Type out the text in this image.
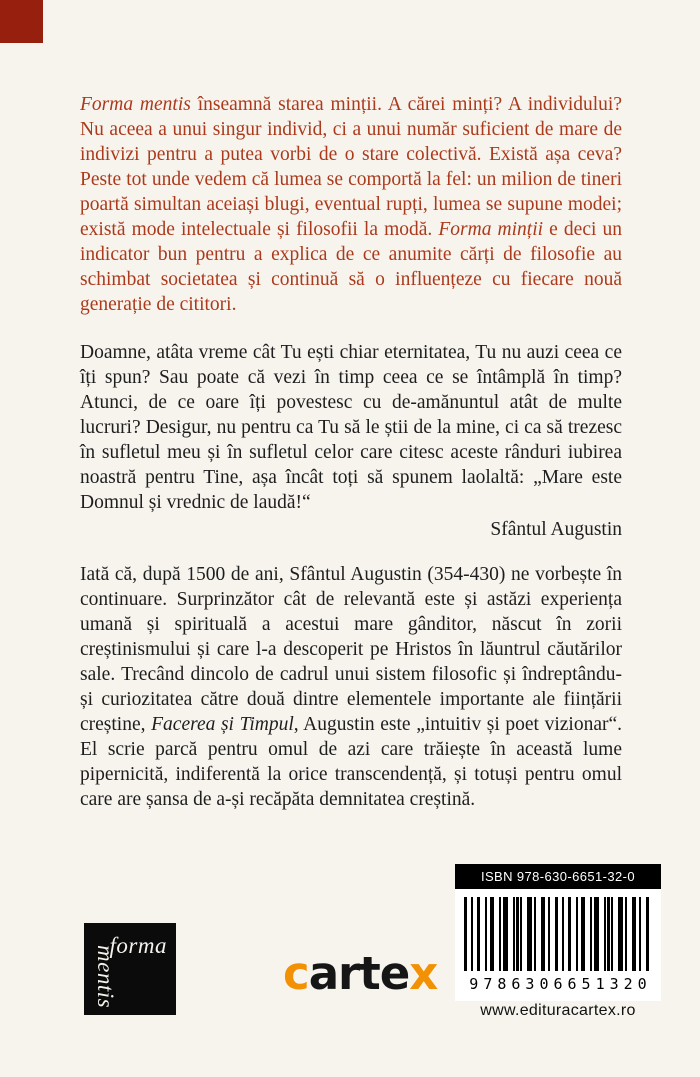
Forma mentis înseamnă starea minții. A cărei minți? A individului? Nu aceea a unui singur individ, ci a unui număr suficient de mare de indivizi pentru a putea vorbi de o stare colectivă. Există așa ceva? Peste tot unde vedem că lumea se comportă la fel: un milion de tineri poartă simultan aceiași blugi, eventual rupți, lumea se supune modei; există mode intelectuale și filosofii la modă. Forma minții e deci un indicator bun pentru a explica de ce anumite cărți de filosofie au schimbat societatea și continuă să o influențeze cu fiecare nouă generație de cititori.

Doamne, atâta vreme cât Tu ești chiar eternitatea, Tu nu auzi ceea ce îți spun? Sau poate că vezi în timp ceea ce se întâmplă în timp? Atunci, de ce oare îți povestesc cu de-amănuntul atât de multe lucruri? Desigur, nu pentru ca Tu să le știi de la mine, ci ca să trezesc în sufletul meu și în sufletul celor care citesc aceste rânduri iubirea noastră pentru Tine, așa încât toți să spunem laolaltă: „Mare este Domnul și vrednic de laudă!“

Sfântul Augustin

Iată că, după 1500 de ani, Sfântul Augustin (354-430) ne vorbește în continuare. Surprinzător cât de relevantă este și astăzi experiența umană și spirituală a acestui mare gânditor, născut în zorii creștinismului și care l-a descoperit pe Hristos în lăuntrul căutărilor sale. Trecând dincolo de cadrul unui sistem filosofic și îndreptându-și curiozitatea către două dintre elementele importante ale ființării creștine, Facerea și Timpul, Augustin este „intuitiv și poet vizionar“. El scrie parcă pentru omul de azi care trăiește în această lume pipernicită, indiferentă la orice transcendență, și totuși pentru omul care are șansa de a-și recăpăta demnitatea creștină.

forma
mentis	cartex
ISBN 978-630-6651-32-0
9786306651320
www.edituracartex.ro
